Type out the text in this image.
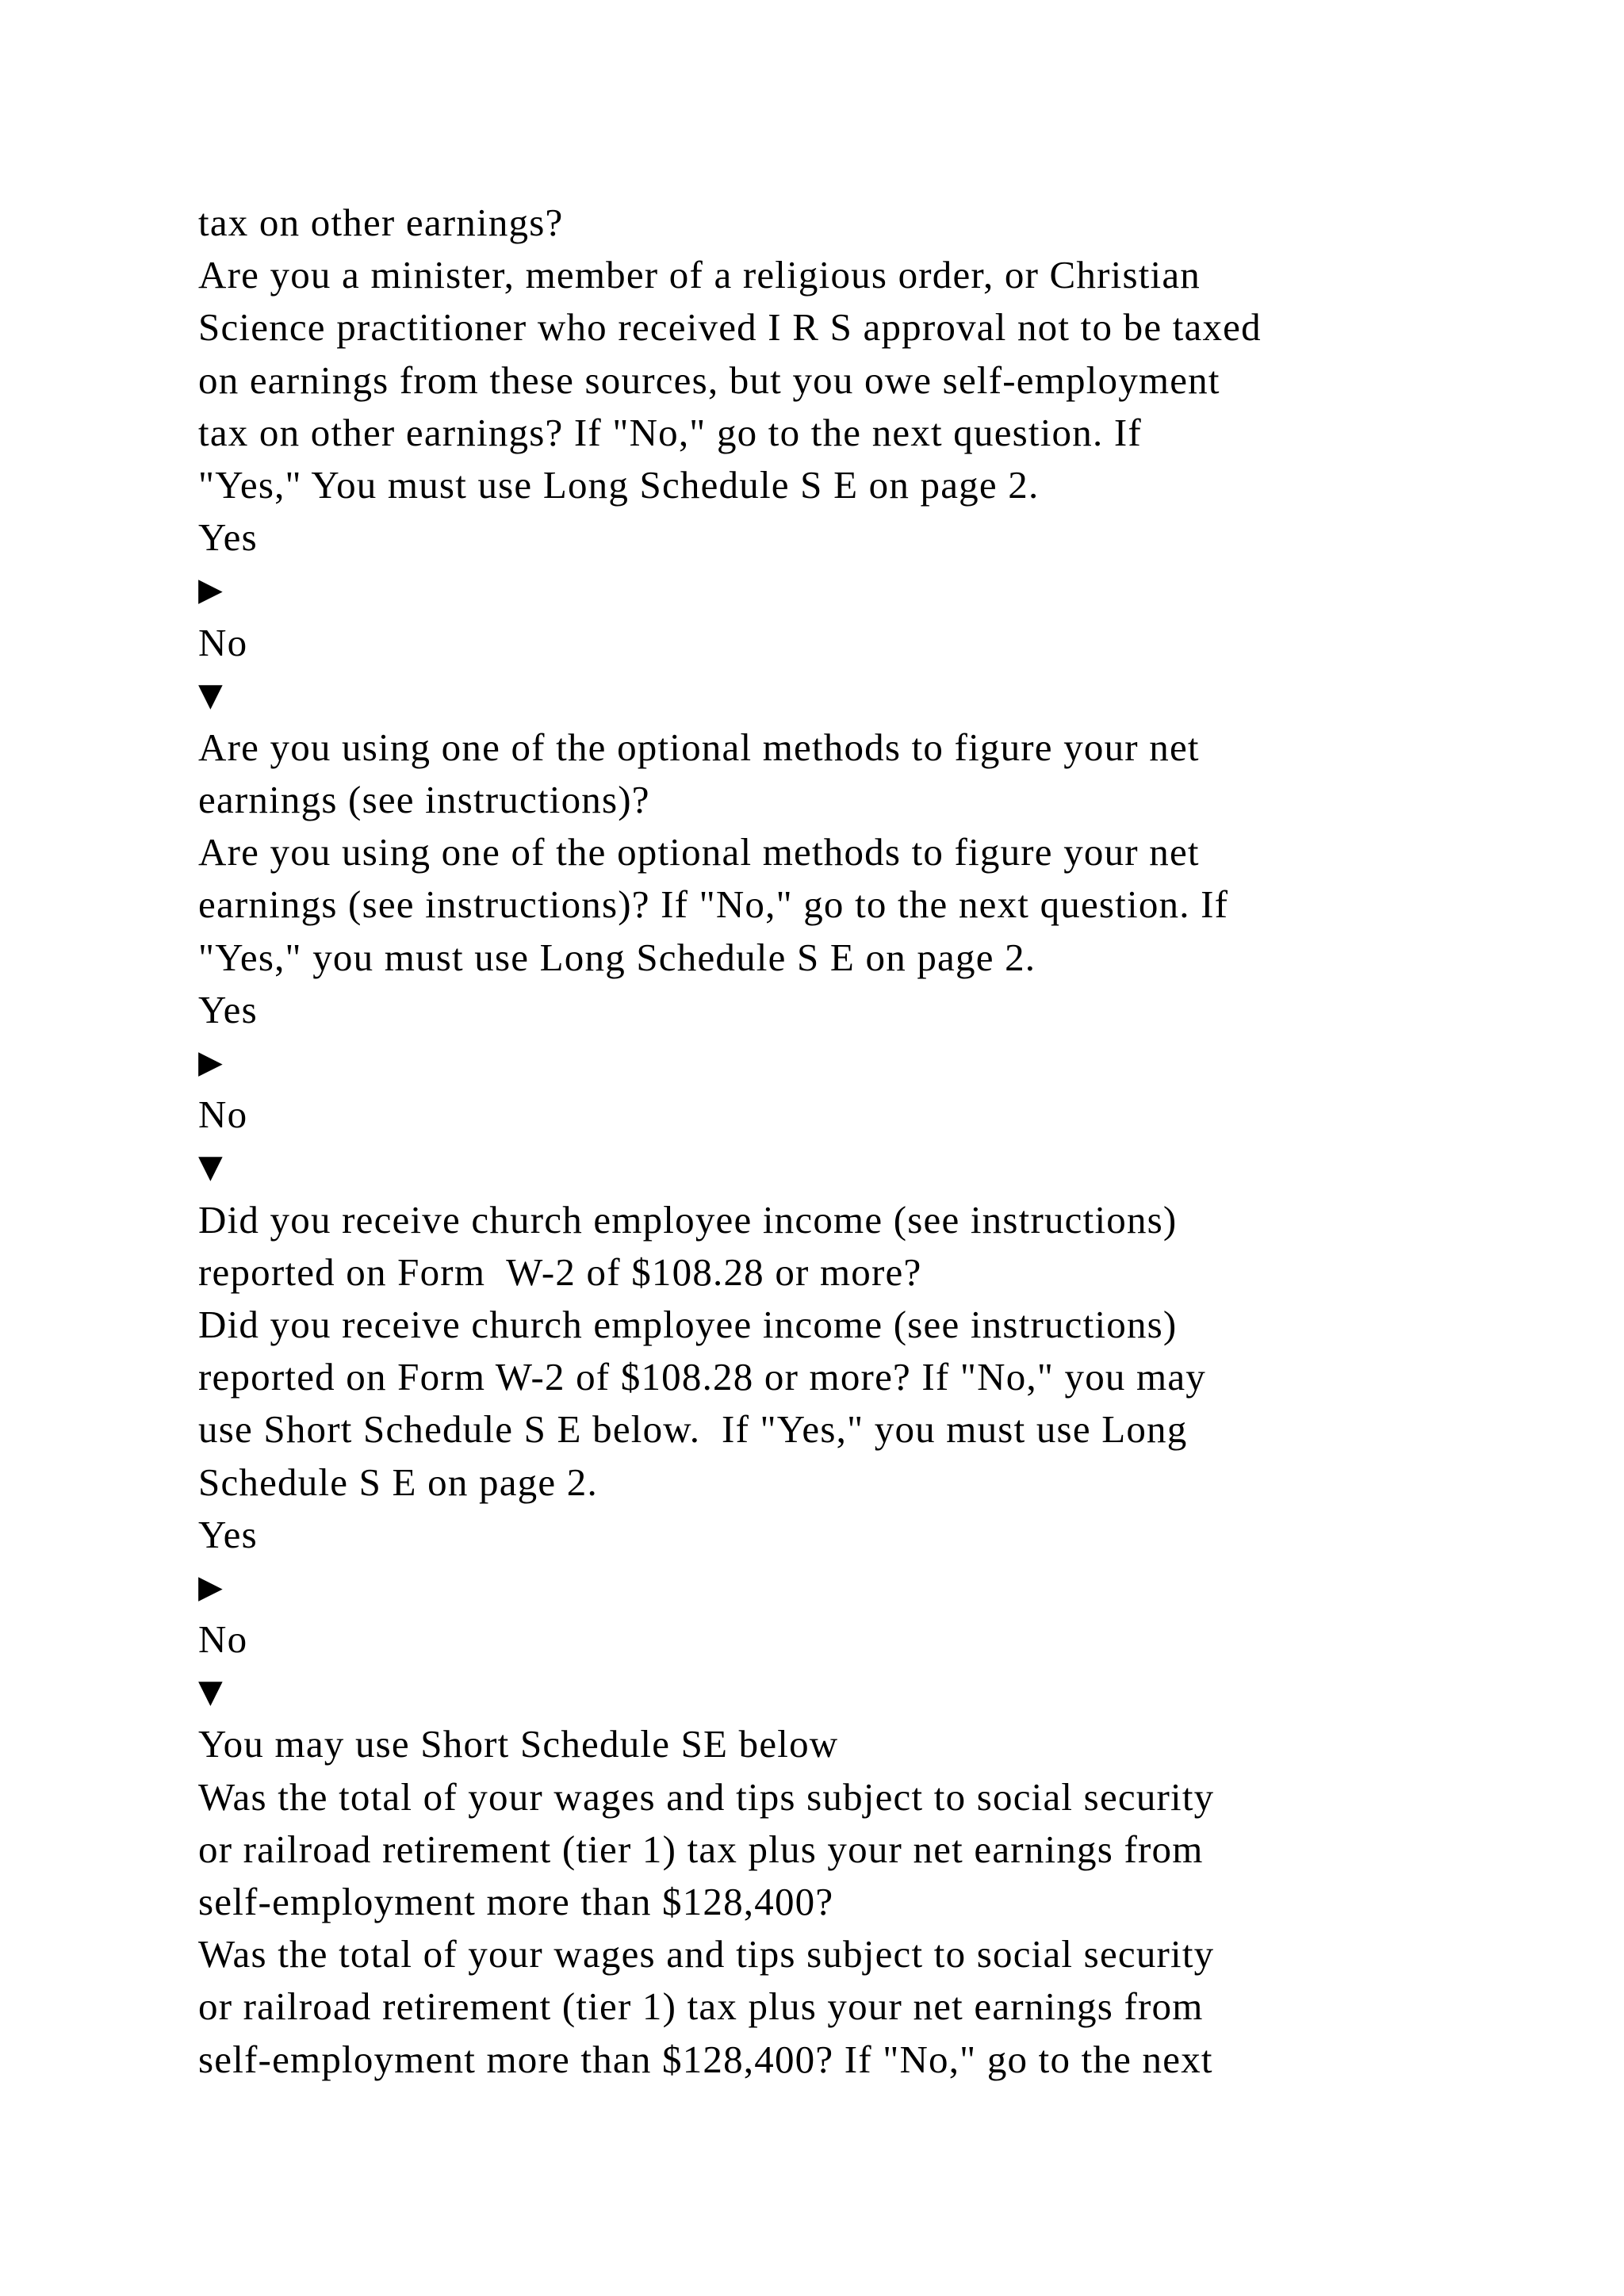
tax on other earnings?
Are you a minister, member of a religious order, or Christian
Science practitioner who received I R S approval not to be taxed
on earnings from these sources, but you owe self-employment
tax on other earnings? If "No," go to the next question. If
"Yes," You must use Long Schedule S E on page 2.
Yes
▶
No
▼
Are you using one of the optional methods to figure your net
earnings (see instructions)?
Are you using one of the optional methods to figure your net
earnings (see instructions)? If "No," go to the next question. If
"Yes," you must use Long Schedule S E on page 2.
Yes
▶
No
▼
Did you receive church employee income (see instructions)
reported on Form  W-2 of $108.28 or more?
Did you receive church employee income (see instructions)
reported on Form W-2 of $108.28 or more? If "No," you may
use Short Schedule S E below.  If "Yes," you must use Long
Schedule S E on page 2.
Yes
▶
No
▼
You may use Short Schedule SE below
Was the total of your wages and tips subject to social security
or railroad retirement (tier 1) tax plus your net earnings from
self-employment more than $128,400?
Was the total of your wages and tips subject to social security
or railroad retirement (tier 1) tax plus your net earnings from
self-employment more than $128,400? If "No," go to the next
